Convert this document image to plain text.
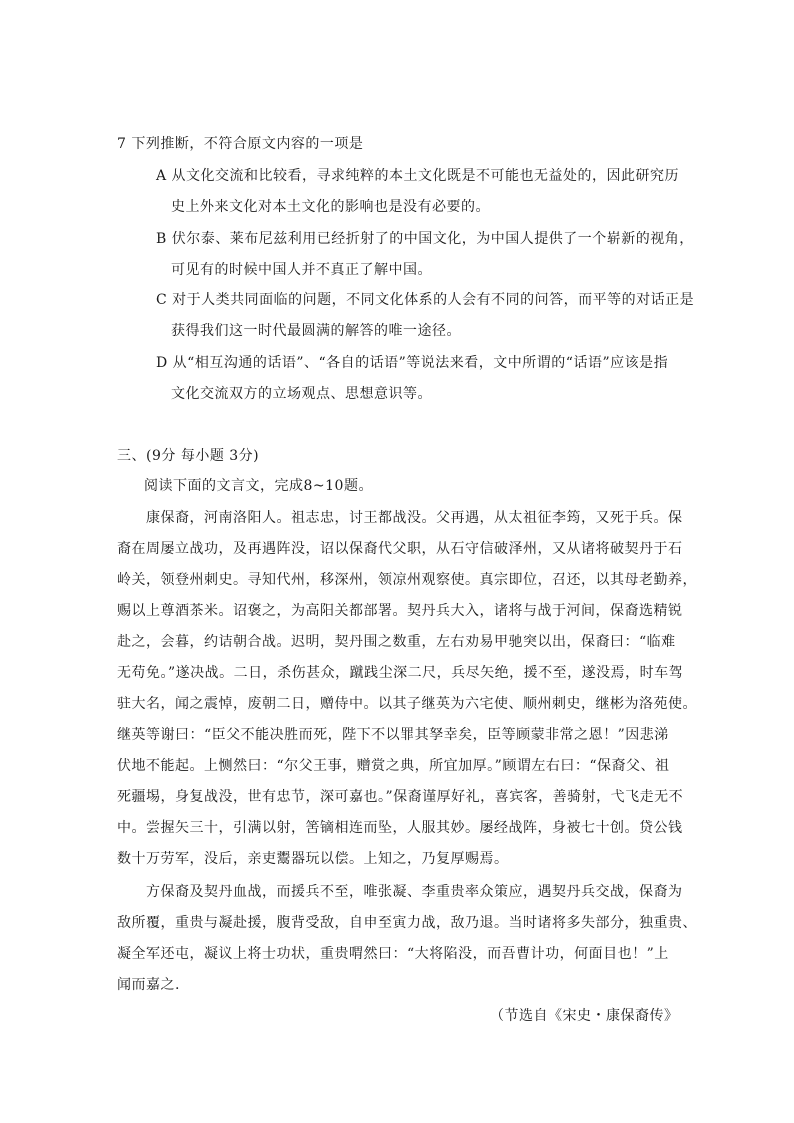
7 下列推断，不符合原文内容的一项是
A 从文化交流和比较看，寻求纯粹的本土文化既是不可能也无益处的，因此研究历
史上外来文化对本土文化的影响也是没有必要的。
B 伏尔泰、莱布尼兹利用已经折射了的中国文化，为中国人提供了一个崭新的视角，
可见有的时候中国人并不真正了解中国。
C 对于人类共同面临的问题，不同文化体系的人会有不同的问答，而平等的对话正是
获得我们这一时代最圆满的解答的唯一途径。
D 从“相互沟通的话语”、“各自的话语”等说法来看，文中所谓的“话语”应该是指
文化交流双方的立场观点、思想意识等。
三、(9分 每小题 3分)
阅读下面的文言文，完成8~10题。
康保裔，河南洛阳人。祖志忠，讨王都战没。父再遇，从太祖征李筠，又死于兵。保
裔在周屡立战功，及再遇阵没，诏以保裔代父职，从石守信破泽州，又从诸将破契丹于石
岭关，领登州刺史。寻知代州，移深州，领凉州观察使。真宗即位，召还，以其母老勤养，
赐以上尊酒茶米。诏褒之，为高阳关都部署。契丹兵大入，诸将与战于河间，保裔选精锐
赴之，会暮，约诘朝合战。迟明，契丹围之数重，左右劝易甲驰突以出，保裔曰：“临难
无苟免。”遂决战。二日，杀伤甚众，蹴践尘深二尺，兵尽矢绝，援不至，遂没焉，时车驾
驻大名，闻之震悼，废朝二日，赠侍中。以其子继英为六宅使、顺州刺史，继彬为洛苑使。
继英等谢曰：“臣父不能决胜而死，陛下不以罪其孥幸矣，臣等顾蒙非常之恩！”因悲涕
伏地不能起。上恻然曰：“尔父王事，赠赏之典，所宜加厚。”顾谓左右曰：“保裔父、祖
死疆埸，身复战没，世有忠节，深可嘉也。”保裔谨厚好礼，喜宾客，善骑射，弋飞走无不
中。尝握矢三十，引满以射，筈镝相连而坠，人服其妙。屡经战阵，身被七十创。贷公钱
数十万劳军，没后，亲吏鬻器玩以偿。上知之，乃复厚赐焉。
方保裔及契丹血战，而援兵不至，唯张凝、李重贵率众策应，遇契丹兵交战，保裔为
敌所覆，重贵与凝赴援，腹背受敌，自申至寅力战，敌乃退。当时诸将多失部分，独重贵、
凝全军还屯，凝议上将士功状，重贵喟然曰：“大将陷没，而吾曹计功，何面目也！”上
闻而嘉之.
（节选自《宋史・康保裔传》
